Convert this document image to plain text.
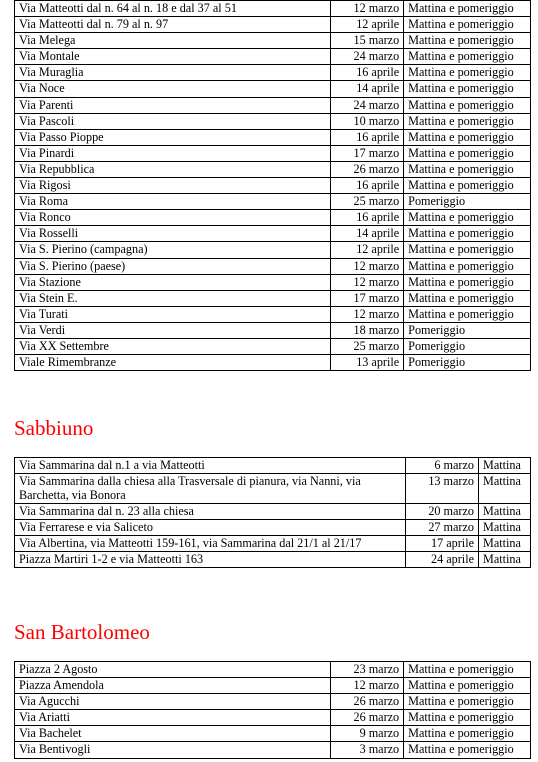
Via Matteotti dal n. 64 al n. 18 e dal 37 al 51	12 marzo	Mattina e pomeriggio
Via Matteotti dal n. 79 al n. 97	12 aprile	Mattina e pomeriggio
Via Melega	15 marzo	Mattina e pomeriggio
Via Montale	24 marzo	Mattina e pomeriggio
Via Muraglia	16 aprile	Mattina e pomeriggio
Via Noce	14 aprile	Mattina e pomeriggio
Via Parenti	24 marzo	Mattina e pomeriggio
Via Pascoli	10 marzo	Mattina e pomeriggio
Via Passo Pioppe	16 aprile	Mattina e pomeriggio
Via Pinardi	17 marzo	Mattina e pomeriggio
Via Repubblica	26 marzo	Mattina e pomeriggio
Via Rigosi	16 aprile	Mattina e pomeriggio
Via Roma	25 marzo	Pomeriggio
Via Ronco	16 aprile	Mattina e pomeriggio
Via Rosselli	14 aprile	Mattina e pomeriggio
Via S. Pierino (campagna)	12 aprile	Mattina e pomeriggio
Via S. Pierino (paese)	12 marzo	Mattina e pomeriggio
Via Stazione	12 marzo	Mattina e pomeriggio
Via Stein E.	17 marzo	Mattina e pomeriggio
Via Turati	12 marzo	Mattina e pomeriggio
Via Verdi	18 marzo	Pomeriggio
Via XX Settembre	25 marzo	Pomeriggio
Viale Rimembranze	13 aprile	Pomeriggio
Sabbiuno
Via Sammarina dal n.1 a via Matteotti	6 marzo	Mattina
Via Sammarina dalla chiesa alla Trasversale di pianura, via Nanni, via Barchetta, via Bonora	13 marzo	Mattina
Via Sammarina dal n. 23 alla chiesa	20 marzo	Mattina
Via Ferrarese e via Saliceto	27 marzo	Mattina
Via Albertina, via Matteotti 159-161, via Sammarina dal 21/1 al 21/17	17 aprile	Mattina
Piazza Martiri 1-2 e via Matteotti 163	24 aprile	Mattina
San Bartolomeo
Piazza 2 Agosto	23 marzo	Mattina e pomeriggio
Piazza Amendola	12 marzo	Mattina e pomeriggio
Via Agucchi	26 marzo	Mattina e pomeriggio
Via Ariatti	26 marzo	Mattina e pomeriggio
Via Bachelet	9 marzo	Mattina e pomeriggio
Via Bentivogli	3 marzo	Mattina e pomeriggio
